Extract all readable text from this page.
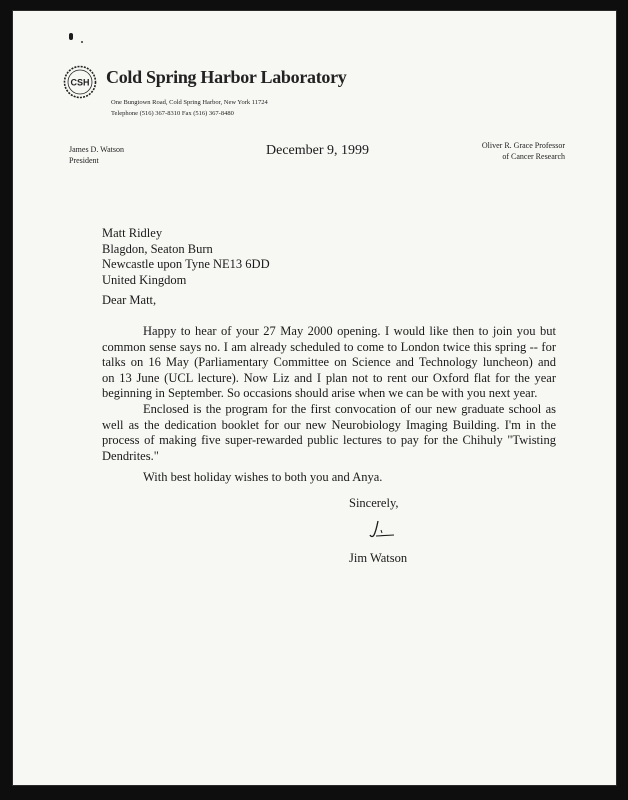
CSH Cold Spring Harbor Laboratory
One Bungtown Road, Cold Spring Harbor, New York 11724
Telephone (516) 367-8310 Fax (516) 367-8480
James D. Watson
President
December 9, 1999	Oliver R. Grace Professor
of Cancer Research
Matt Ridley
Blagdon, Seaton Burn
Newcastle upon Tyne NE13 6DD
United Kingdom
Dear Matt,
Happy to hear of your 27 May 2000 opening. I would like then to join you but
common sense says no. I am already scheduled to come to London twice this spring -- for
talks on 16 May (Parliamentary Committee on Science and Technology luncheon) and
on 13 June (UCL lecture). Now Liz and I plan not to rent our Oxford flat for the year
beginning in September. So occasions should arise when we can be with you next year.
Enclosed is the program for the first convocation of our new graduate school as
well as the dedication booklet for our new Neurobiology Imaging Building. I'm in the
process of making five super-rewarded public lectures to pay for the Chihuly "Twisting
Dendrites."
With best holiday wishes to both you and Anya.
Sincerely,
Jim Watson
